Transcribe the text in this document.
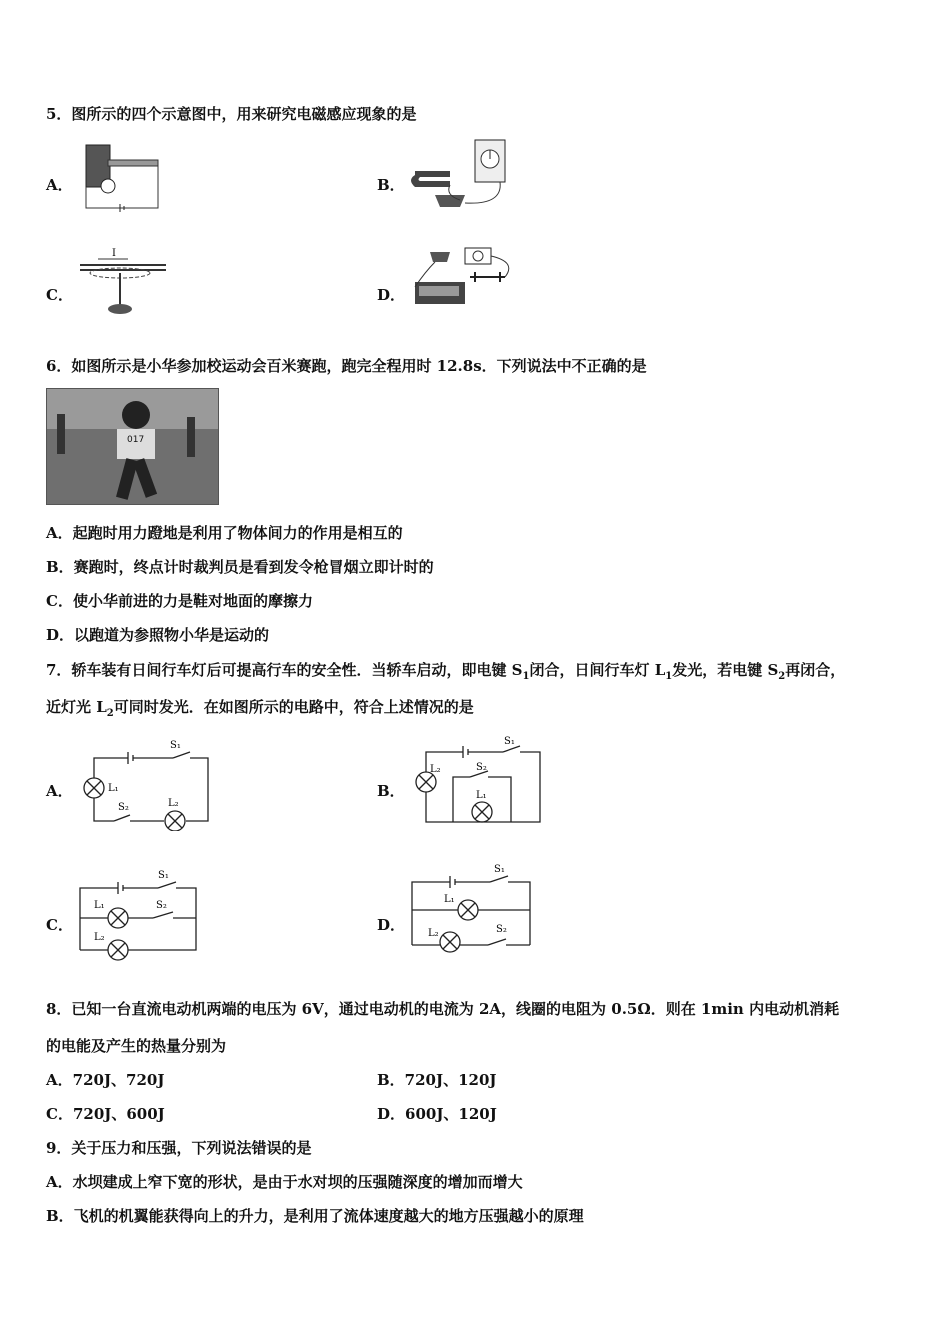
5．图所示的四个示意图中，用来研究电磁感应现象的是
A．	B．
C．
I
D．
6．如图所示是小华参加校运动会百米赛跑，跑完全程用时 12.8s．下列说法中不正确的是
017
A．起跑时用力蹬地是利用了物体间力的作用是相互的
B．赛跑时，终点计时裁判员是看到发令枪冒烟立即计时的
C．使小华前进的力是鞋对地面的摩擦力
D．以跑道为参照物小华是运动的
7．轿车装有日间行车灯后可提高行车的安全性．当轿车启动，即电键 $S_1$闭合，日间行车灯 $L_1$发光，若电键 $S_2$再闭合，
近灯光 $L_2$可同时发光．在如图所示的电路中，符合上述情况的是
A．
S₁
L₁
S₂	L₂
B．
S₁
L₂	S₂
L₁
C．
S₁
L₁	S₂
L₂
D．
S₁
L₁
L₂	S₂
8．已知一台直流电动机两端的电压为 6V，通过电动机的电流为 2A，线圈的电阻为 0.5Ω．则在 1min 内电动机消耗
的电能及产生的热量分别为
A．720J、720J	B．720J、120J
C．720J、600J	D．600J、120J
9．关于压力和压强，下列说法错误的是
A．水坝建成上窄下宽的形状，是由于水对坝的压强随深度的增加而增大
B．飞机的机翼能获得向上的升力，是利用了流体速度越大的地方压强越小的原理
